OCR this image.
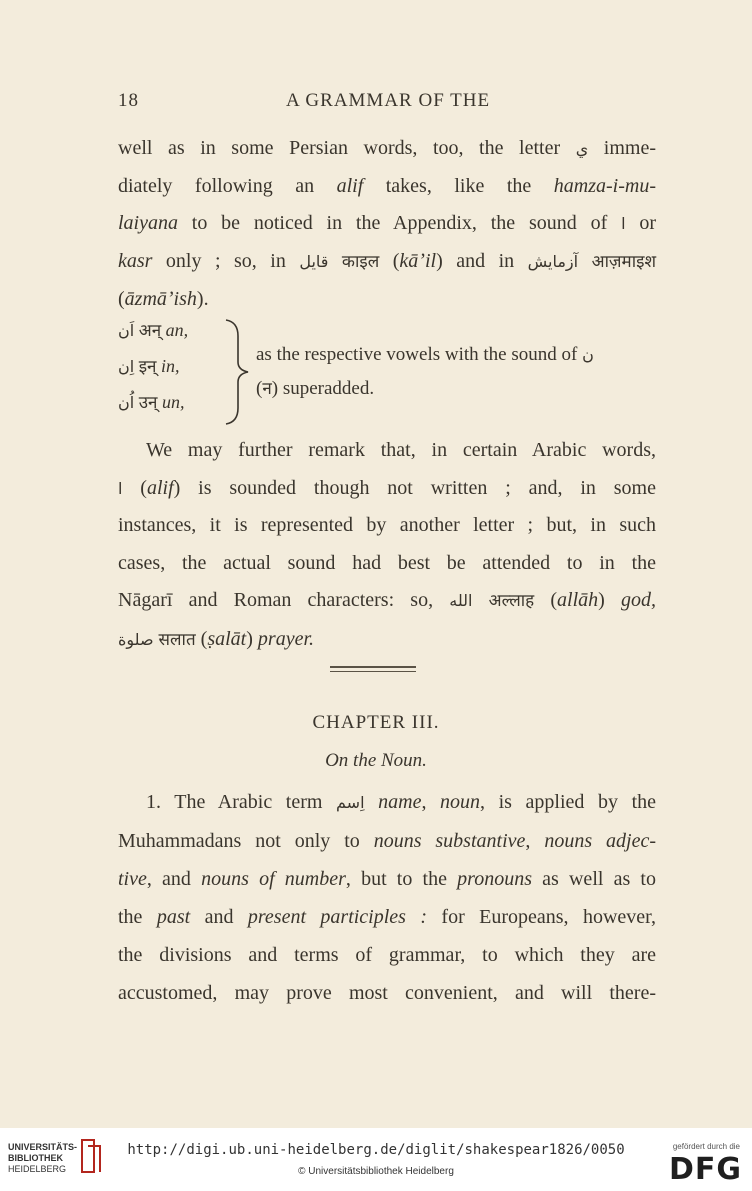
18	A GRAMMAR OF THE
well as in some Persian words, too, the letter ي imme-
diately following an alif takes, like the hamza-i-mu-
laiyana to be noticed in the Appendix, the sound of ا or
kasr only ; so, in قايل काइल (kāʼil) and in آزمايش आज़माइश
(āzmāʼish).
اَن अन् an,
اِن इन् in,
اُن उन् un,
as the respective vowels with the sound of ن
(न) superadded.
We may further remark that, in certain Arabic words,
ا (alif) is sounded though not written ; and, in some
instances, it is represented by another letter ; but, in such
cases, the actual sound had best be attended to in the
Nāgarī and Roman characters: so, الله अल्लाह (allāh) god,
صلوة सलात (ṣalāt) prayer.
CHAPTER III.
On the Noun.
1. The Arabic term اِسم name, noun, is applied by the
Muhammadans not only to nouns substantive, nouns adjec-
tive, and nouns of number, but to the pronouns as well as to
the past and present participles : for Europeans, however,
the divisions and terms of grammar, to which they are
accustomed, may prove most convenient, and will there-
UNIVERSITÄTS-
BIBLIOTHEK
HEIDELBERG
http://digi.ub.uni-heidelberg.de/diglit/shakespear1826/0050
© Universitätsbibliothek Heidelberg
gefördert durch die
DFG
